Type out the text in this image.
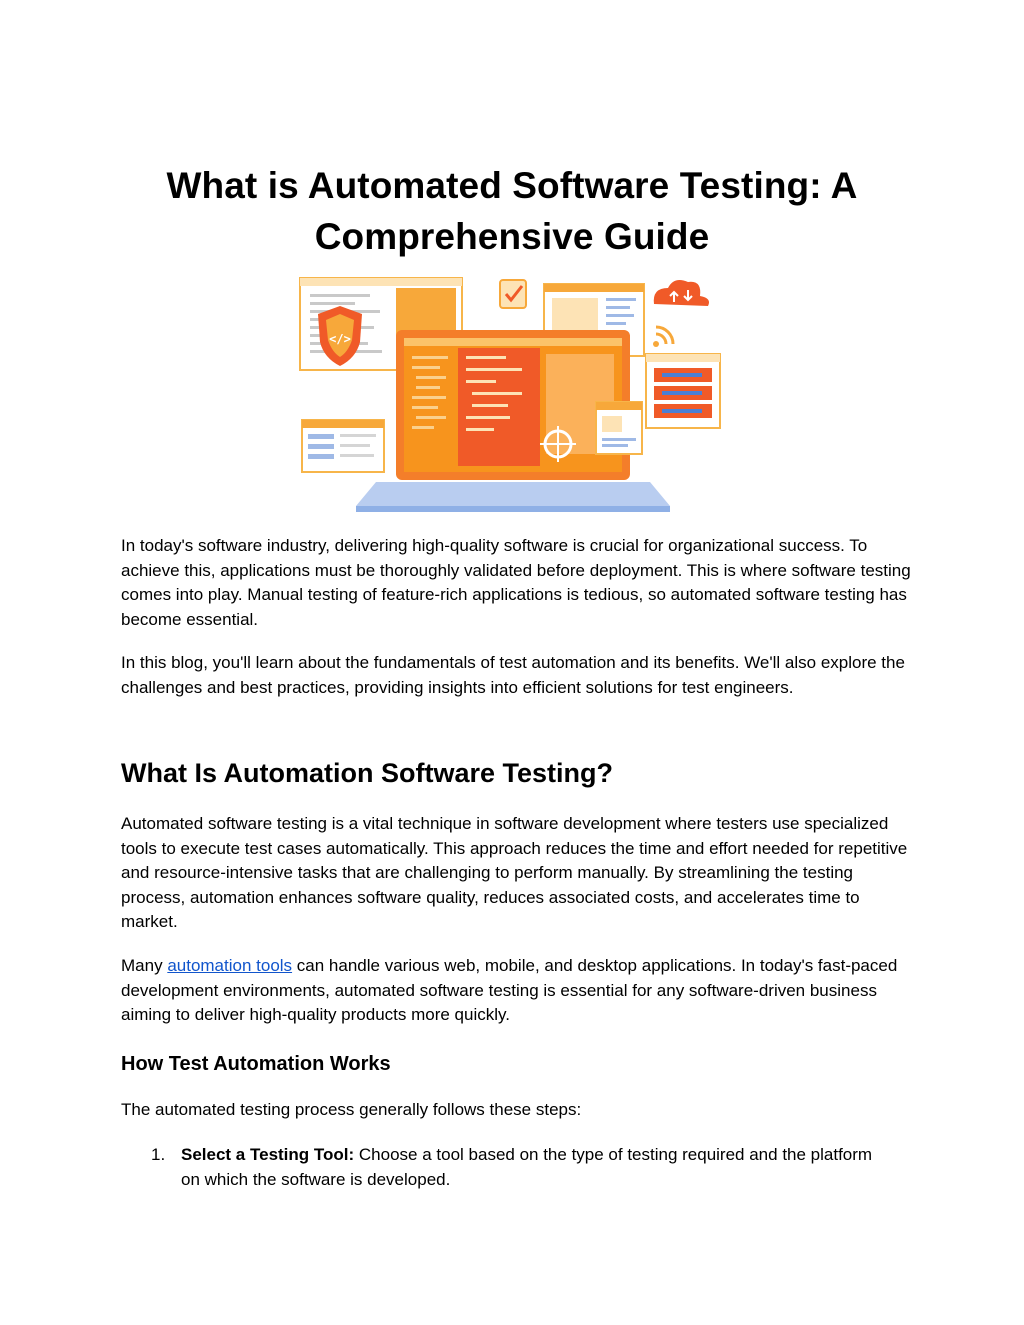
What is Automated Software Testing: A Comprehensive Guide
</>

In today's software industry, delivering high-quality software is crucial for organizational success. To achieve this, applications must be thoroughly validated before deployment. This is where software testing comes into play. Manual testing of feature-rich applications is tedious, so automated software testing has become essential.

In this blog, you'll learn about the fundamentals of test automation and its benefits. We'll also explore the challenges and best practices, providing insights into efficient solutions for test engineers.

What Is Automation Software Testing?

Automated software testing is a vital technique in software development where testers use specialized tools to execute test cases automatically. This approach reduces the time and effort needed for repetitive and resource-intensive tasks that are challenging to perform manually. By streamlining the testing process, automation enhances software quality, reduces associated costs, and accelerates time to market.

Many automation tools can handle various web, mobile, and desktop applications. In today's fast-paced development environments, automated software testing is essential for any software-driven business aiming to deliver high-quality products more quickly.

How Test Automation Works

The automated testing process generally follows these steps:

1. Select a Testing Tool: Choose a tool based on the type of testing required and the platform on which the software is developed.
